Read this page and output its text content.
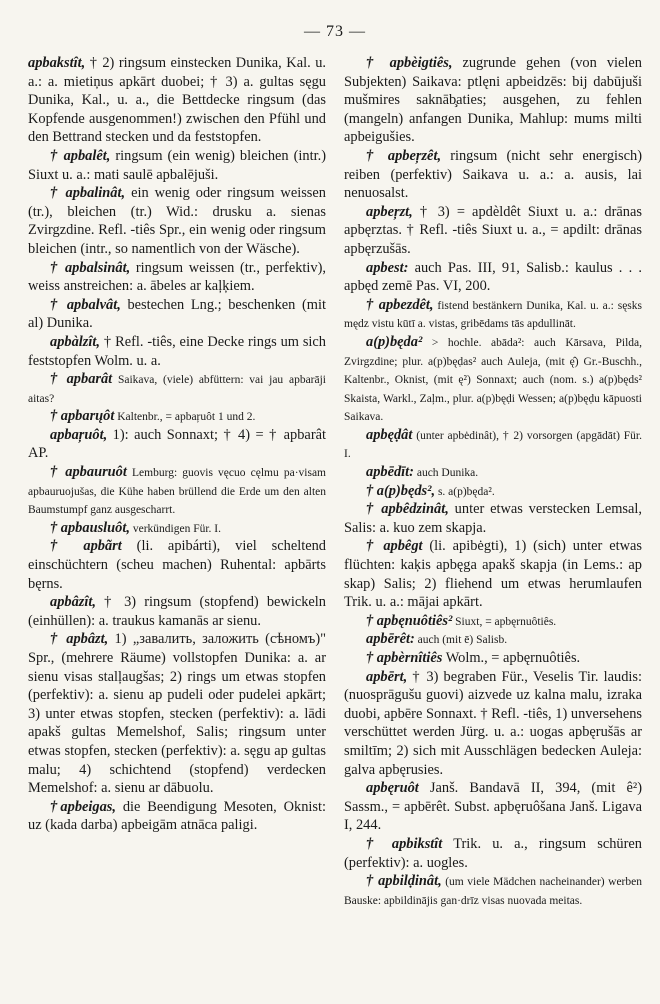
— 73 —

apbakstît, † 2) ringsum einstecken Dunika, Kal. u. a.: a. mietiņus apkārt duobei; † 3) a. gultas sęgu Dunika, Kal., u. a., die Bettdecke ringsum (das Kopfende ausgenommen!) zwischen den Pfühl und den Bettrand stecken und da feststopfen.

† apbalêt, ringsum (ein wenig) bleichen (intr.) Siuxt u. a.: mati saulē apbalējuši.

† apbalinât, ein wenig oder ringsum weissen (tr.), bleichen (tr.) Wid.: drusku a. sienas Zvirgzdine. Refl. -tiês Spr., ein wenig oder ringsum bleichen (intr., so namentlich von der Wäsche).

† apbalsinât, ringsum weissen (tr., perfektiv), weiss anstreichen: a. ābeles ar kaļķiem.

† apbalvât, bestechen Lng.; beschenken (mit al) Dunika.

apbàlzît, † Refl. -tiês, eine Decke rings um sich feststopfen Wolm. u. a.

† apbarât Saikava, (viele) abfüttern: vai jau apbarāji aitas?

† apbarųôt Kaltenbr., = apbaŗuôt 1 und 2.

apbaŗuôt, 1): auch Sonnaxt; † 4) = † apbarât AP.

† apbauruôt Lemburg: guovis vęcuo cęlmu pa·visam apbauruojušas, die Kühe haben brüllend die Erde um den alten Baumstumpf ganz ausgescharrt.

† apbausluôt, verkündigen Für. I.

† apbãrt (li. apibárti), viel scheltend einschüchtern (scheu machen) Ruhental: apbārts bęrns.

apbâzît, † 3) ringsum (stopfend) bewickeln (einhüllen): a. traukus kamanās ar sienu.

† apbâzt, 1) „завалить, заложить (сѣномъ)" Spr., (mehrere Räume) vollstopfen Dunika: a. ar sienu visas stalļaugšas; 2) rings um etwas stopfen (perfektiv): a. sienu ap pudeli oder pudelei apkārt; 3) unter etwas stopfen, stecken (perfektiv): a. lādi apakš gultas Memelshof, Salis; ringsum unter etwas stopfen, stecken (perfektiv): a. sęgu ap gultas malu; 4) schichtend (stopfend) verdecken Memelshof: a. sienu ar dābuolu.

†apbeigas, die Beendigung Mesoten, Oknist: uz (kada darba) apbeigām atnāca paligi.

† apbèigtiês, zugrunde gehen (von vielen Subjekten) Saikava: ptlęni apbeidzēs: bij dabūjuši mušmires saknāb̧aties; ausgehen, zu fehlen (mangeln) anfangen Dunika, Mahlup: mums milti apbeigušies.

† apbeŗzêt, ringsum (nicht sehr energisch) reiben (perfektiv) Saikava u. a.: a. ausis, lai nenuosalst.

apbeŗzt, † 3) = apdèldêt Siuxt u. a.: drānas apbęrztas. † Refl. -tiês Siuxt u. a., = apdilt: drānas apbęrzušās.

apbest: auch Pas. III, 91, Salisb.: kaulus . . . apbęd zemē Pas. VI, 200.

† apbezdêt, fistend bestänkern Dunika, Kal. u. a.: sęsks mędz vistu kūtī a. vistas, gribēdams tās apdullināt.

a(p)będa² > hochle. abāda²: auch Kārsava, Pilda, Zvirgzdine; plur. a(p)bęḍas² auch Auleja, (mit ę̂) Gr.-Buschh., Kaltenbr., Oknist, (mit ę²) Sonnaxt; auch (nom. s.) a(p)będs² Skaista, Warkl., Zaļm., plur. a(p)bęḍi Wessen; a(p)bęḍu kāpuosti Saikava.

apbęḍât (unter apbėdinât), † 2) vorsorgen (apgādāt) Für. I.

apbēdīt: auch Dunika.

† a(p)będs², s. a(p)będa².

† apbêdzinât, unter etwas verstecken Lemsal, Salis: a. kuo zem skapja.

† apbêgt (li. apibėgti), 1) (sich) unter etwas flüchten: kaķis apbęga apakš skapja (in Lems.: ap skap) Salis; 2) fliehend um etwas herumlaufen Trik. u. a.: mājai apkārt.

† apbęnuôtiês² Siuxt, = apbęrnuôtiês.

apbērêt: auch (mit ē) Salisb.

† apbèrnîtiês Wolm., = apbęrnuôtiês.

apbērt, † 3) begraben Für., Veselis Tir. laudis: (nuosprāgušu guovi) aizvede uz kalna malu, izraka duobi, apbēre Sonnaxt. † Refl. -tiês, 1) unversehens verschüttet werden Jürg. u. a.: uogas apbęrušās ar smiltīm; 2) sich mit Ausschlägen bedecken Auleja: galva apbęrusies.

apbęruôt Janš. Bandavā II, 394, (mit ê²) Sassm., = apbērêt. Subst. apbęruôšana Janš. Ligava I, 244.

† apbikstît Trik. u. a., ringsum schüren (perfektiv): a. uogles.

† apbilḍinât, (um viele Mädchen nacheinander) werben Bauske: apbildinājis gan·drīz visas nuovada meitas.
